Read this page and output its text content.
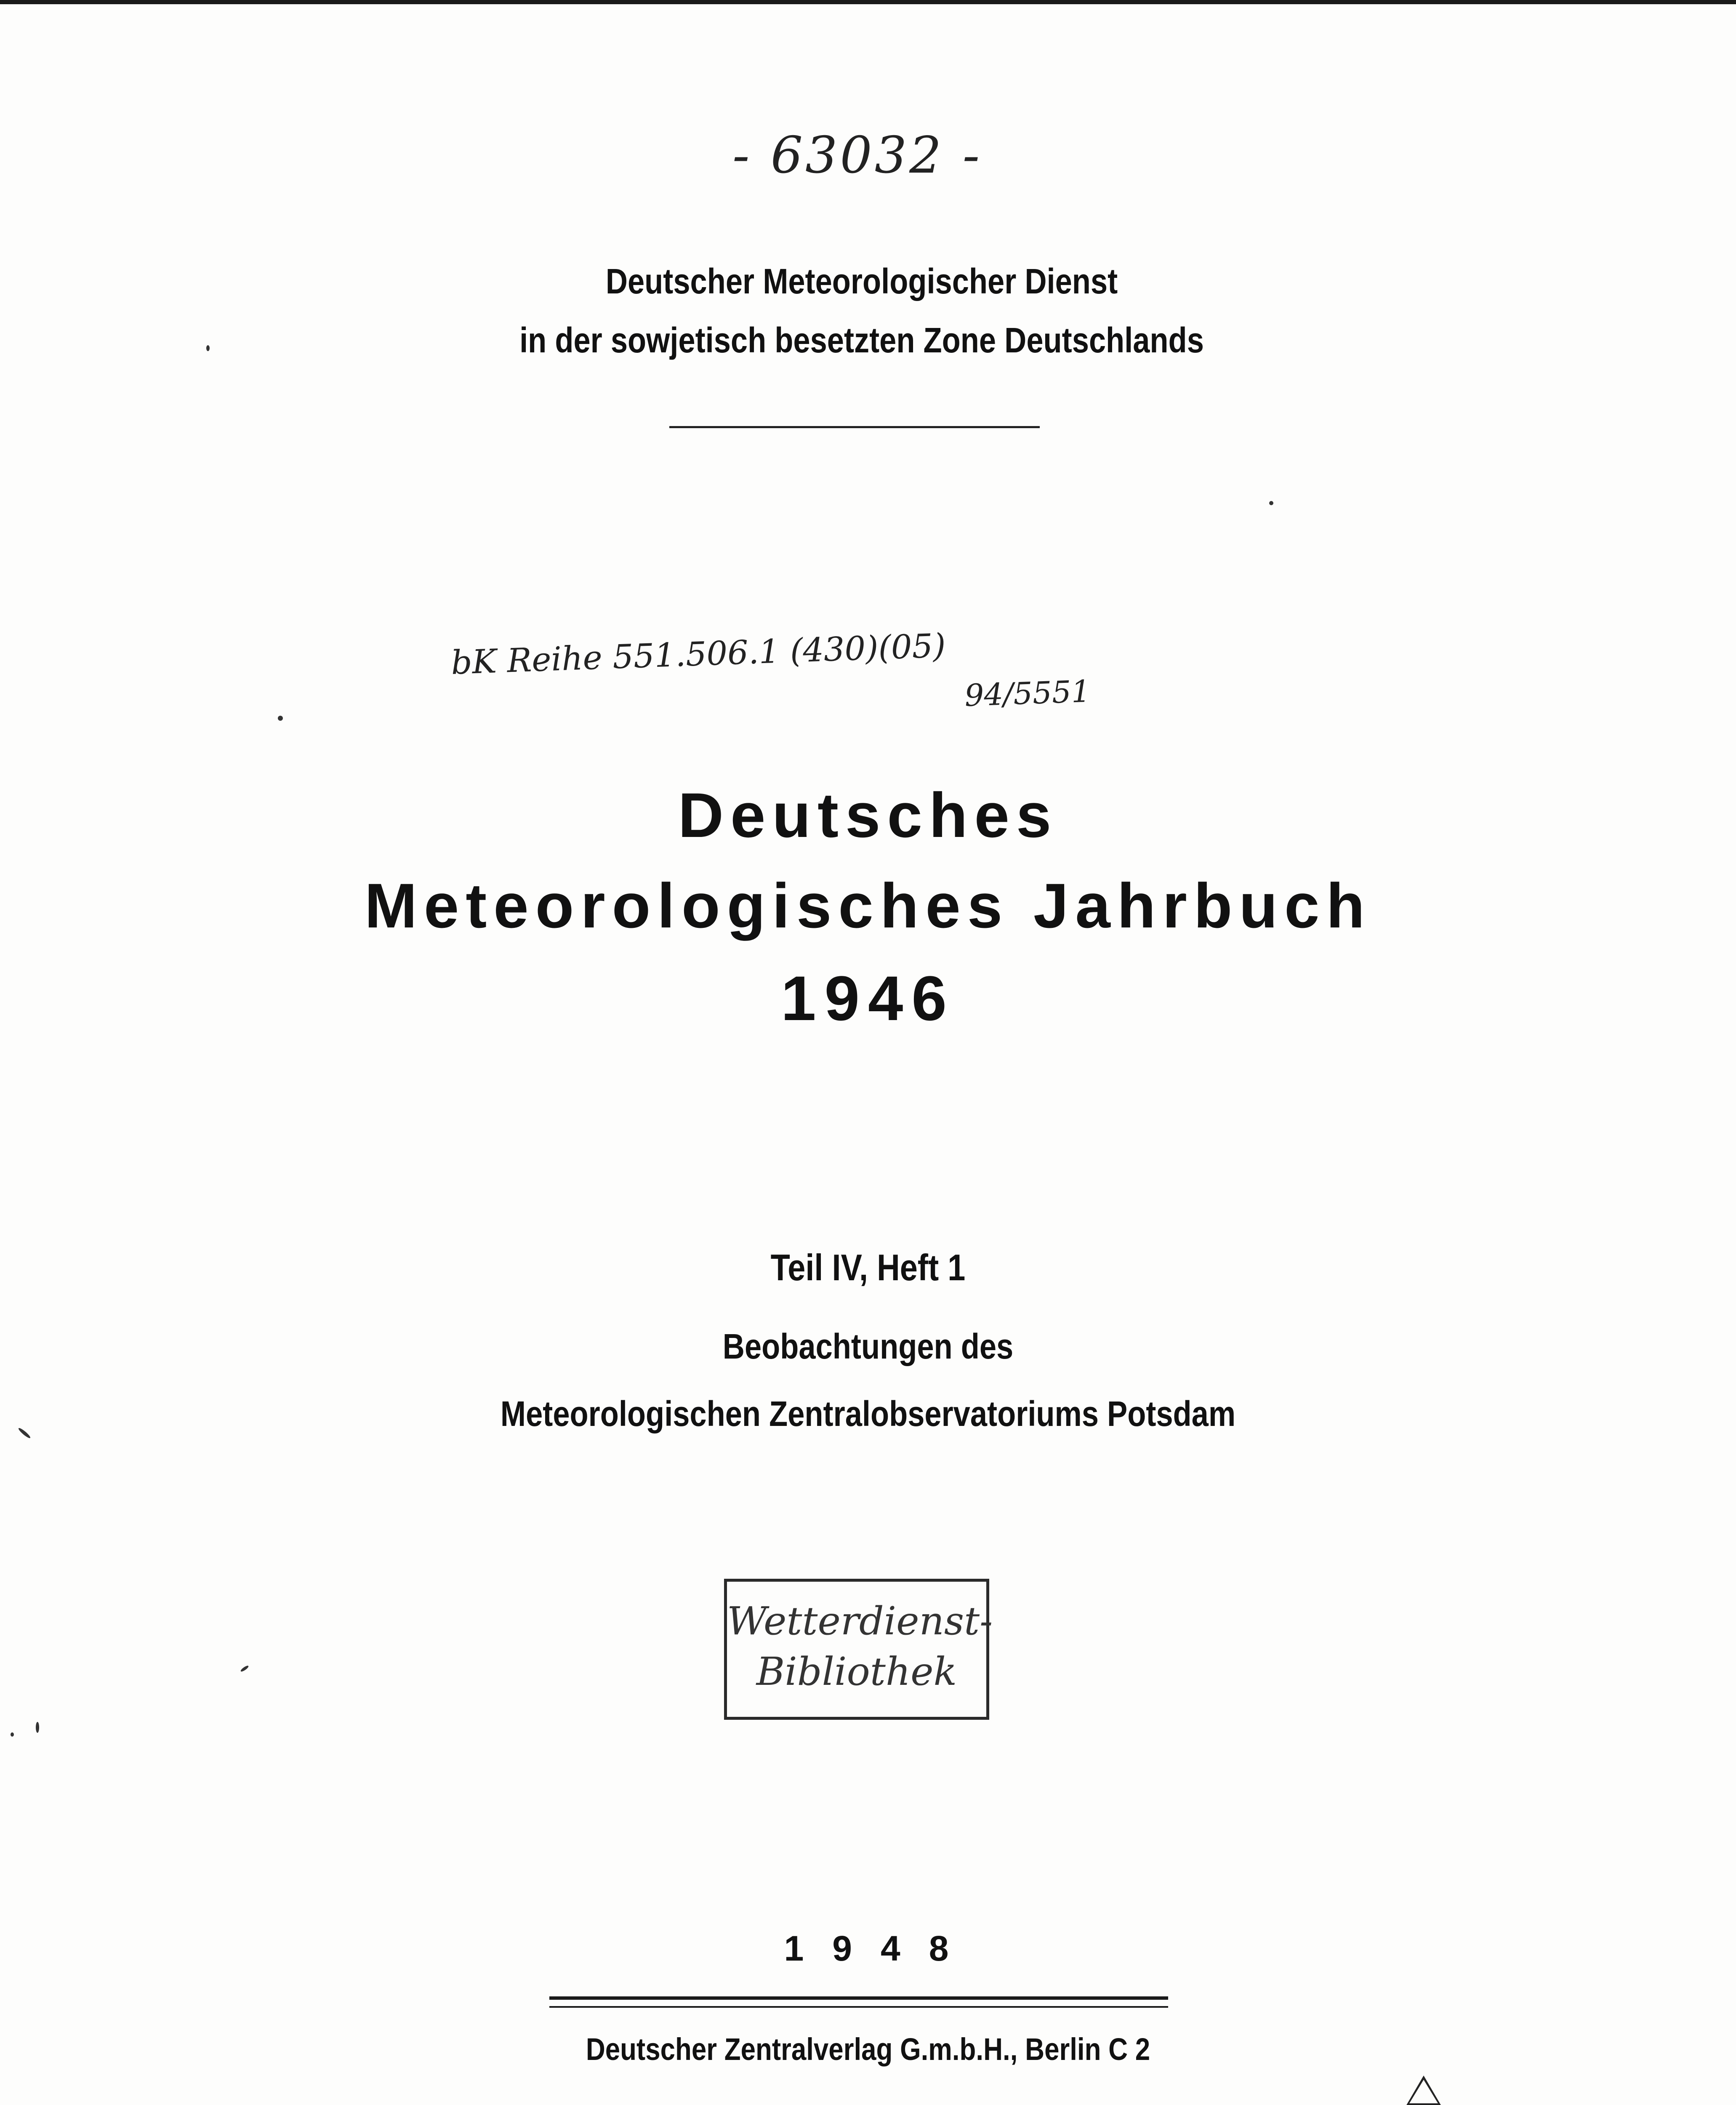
- 63032 -
Deutscher Meteorologischer Dienst
in der sowjetisch besetzten Zone Deutschlands
bK Reihe 551.506.1 (430)(05)
94/5551
Deutsches
Meteorologisches Jahrbuch
1946
Teil IV, Heft 1
Beobachtungen des
Meteorologischen Zentralobservatoriums Potsdam
Wetterdienst-
Bibliothek
1948
Deutscher Zentralverlag G.m.b.H., Berlin C 2
